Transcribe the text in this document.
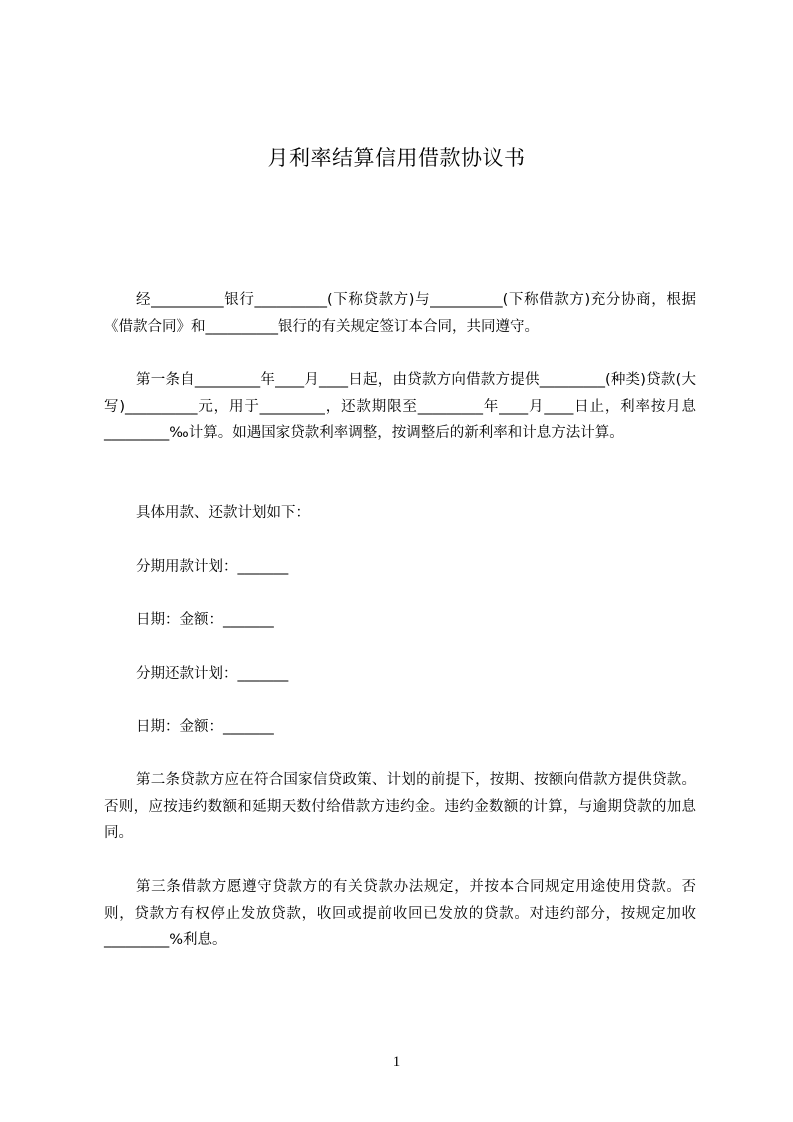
月利率结算信用借款协议书

经__________银行__________(下称贷款方)与__________(下称借款方)充分协商，根据《借款合同》和__________银行的有关规定签订本合同，共同遵守。

第一条自_________年____月____日起，由贷款方向借款方提供_________(种类)贷款(大写)__________元，用于_________，还款期限至_________年____月____日止，利率按月息_________‰计算。如遇国家贷款利率调整，按调整后的新利率和计息方法计算。

具体用款、还款计划如下：

分期用款计划：_______

日期：金额：_______

分期还款计划：_______

日期：金额：_______

第二条贷款方应在符合国家信贷政策、计划的前提下，按期、按额向借款方提供贷款。否则，应按违约数额和延期天数付给借款方违约金。违约金数额的计算，与逾期贷款的加息同。

第三条借款方愿遵守贷款方的有关贷款办法规定，并按本合同规定用途使用贷款。否则，贷款方有权停止发放贷款，收回或提前收回已发放的贷款。对违约部分，按规定加收_________%利息。

1
